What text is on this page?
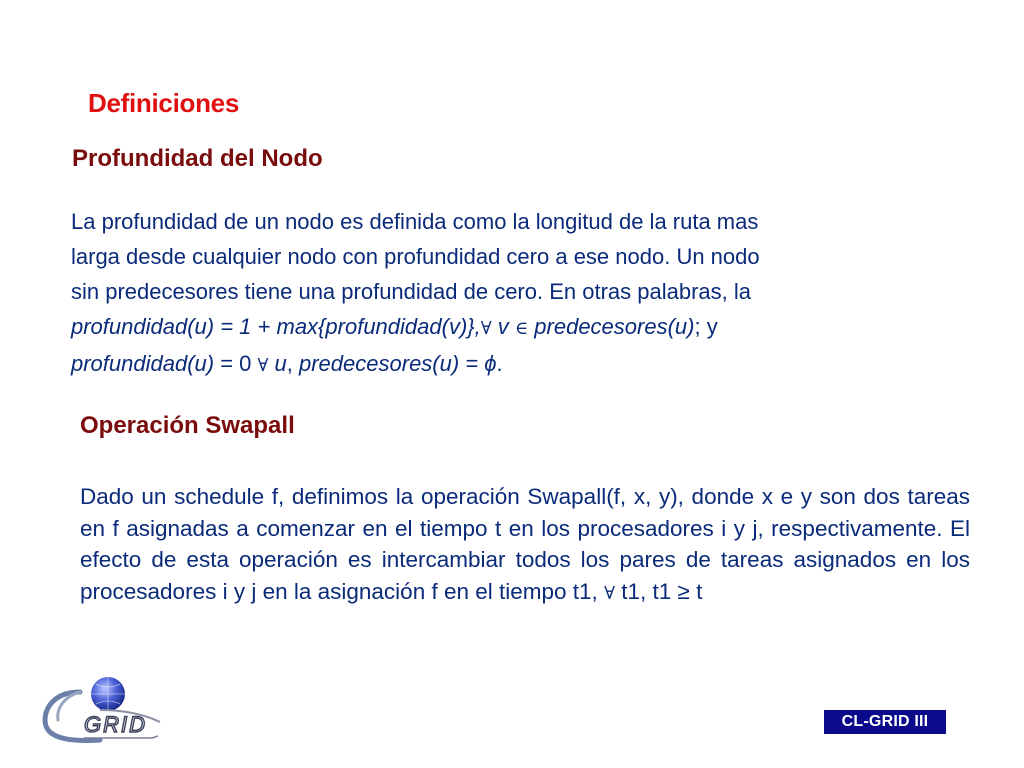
Definiciones
Profundidad del Nodo
La profundidad de un nodo es definida como la longitud de la ruta mas
larga desde cualquier nodo con profundidad cero a ese nodo. Un nodo
sin predecesores tiene una profundidad de cero. En otras palabras, la
profundidad(u) = 1 + max{profundidad(v)},∀ v ∈ predecesores(u); y
profundidad(u) = 0 ∀ u, predecesores(u) = ϕ.
Operación Swapall
Dado un schedule f, definimos la operación Swapall(f, x, y), donde x e y son dos tareas en f asignadas a comenzar en el tiempo t en los procesadores i y j, respectivamente. El efecto de esta operación es intercambiar todos los pares de tareas asignados en los procesadores i y j en la asignación f en el tiempo t1, ∀ t1, t1 ≥ t
GRID	CL-GRID III
